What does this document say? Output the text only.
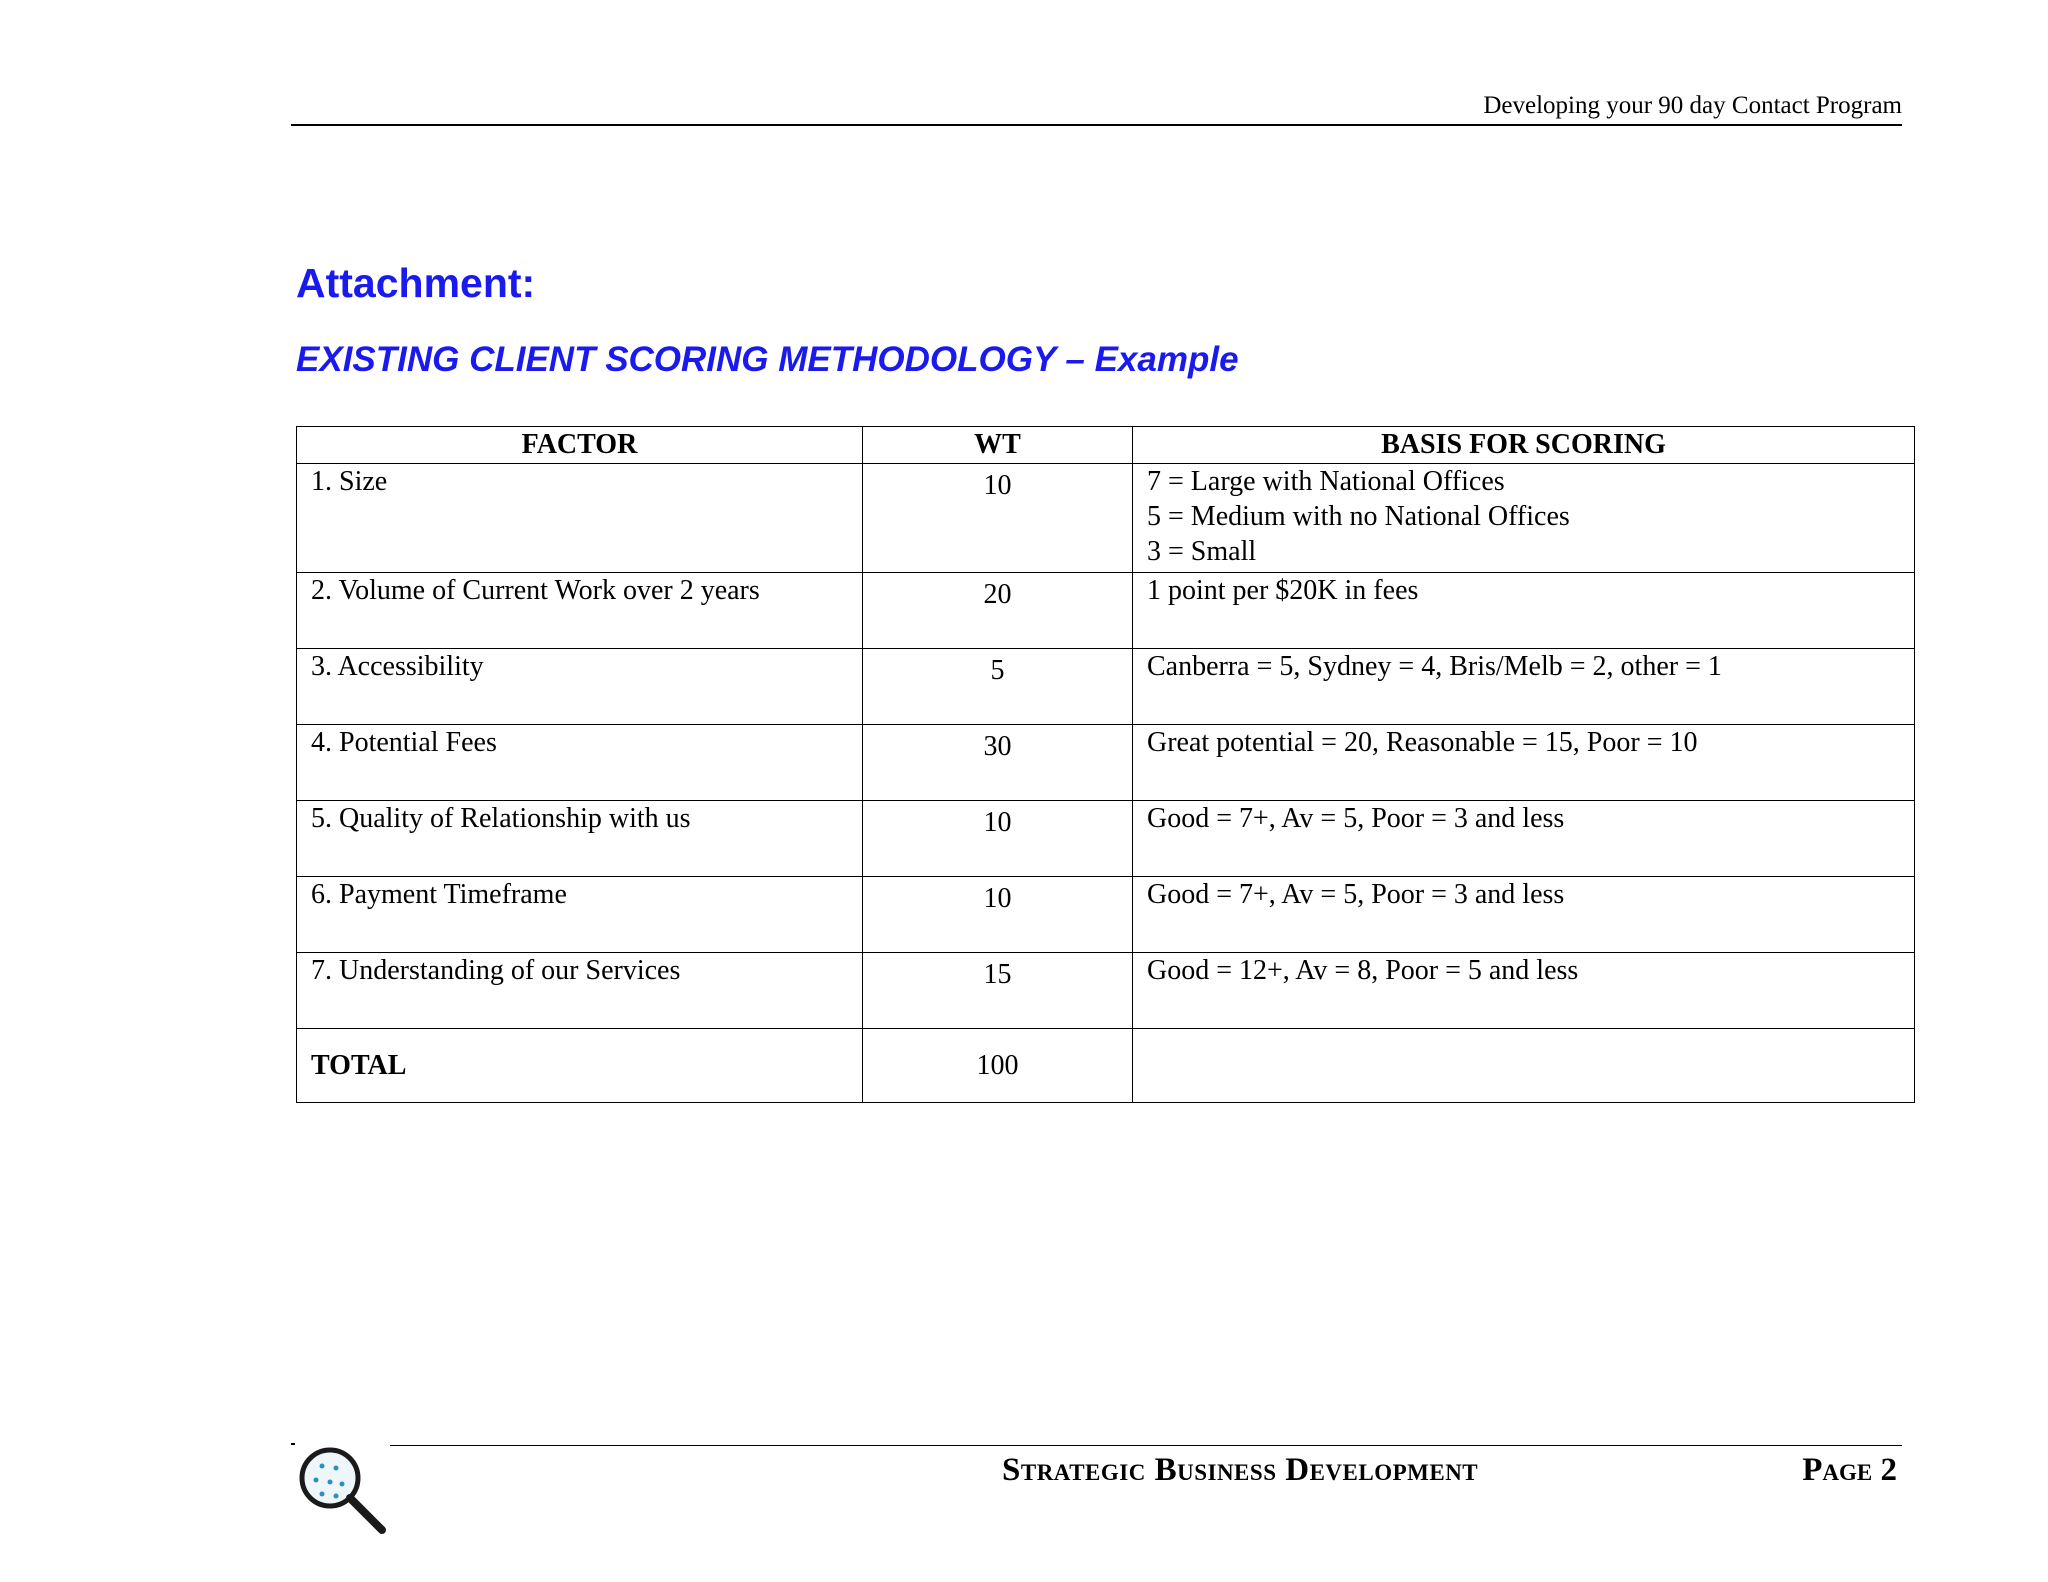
Developing your 90 day Contact Program
Attachment:
EXISTING CLIENT SCORING METHODOLOGY – Example
FACTOR	WT	BASIS FOR SCORING
1. Size	10	7 = Large with National Offices
5 = Medium with no National Offices
3 = Small

2. Volume of Current Work over 2 years	20	1 point per $20K in fees

3. Accessibility	5	Canberra = 5, Sydney = 4, Bris/Melb = 2, other = 1

4. Potential Fees	30	Great potential = 20, Reasonable = 15, Poor = 10

5. Quality of Relationship with us	10	Good = 7+, Av = 5, Poor = 3 and less

6. Payment Timeframe	10	Good = 7+, Av = 5, Poor = 3 and less

7. Understanding of our Services	15	Good = 12+, Av = 8, Poor = 5 and less

TOTAL	100	
Strategic Business Development	Page 2
